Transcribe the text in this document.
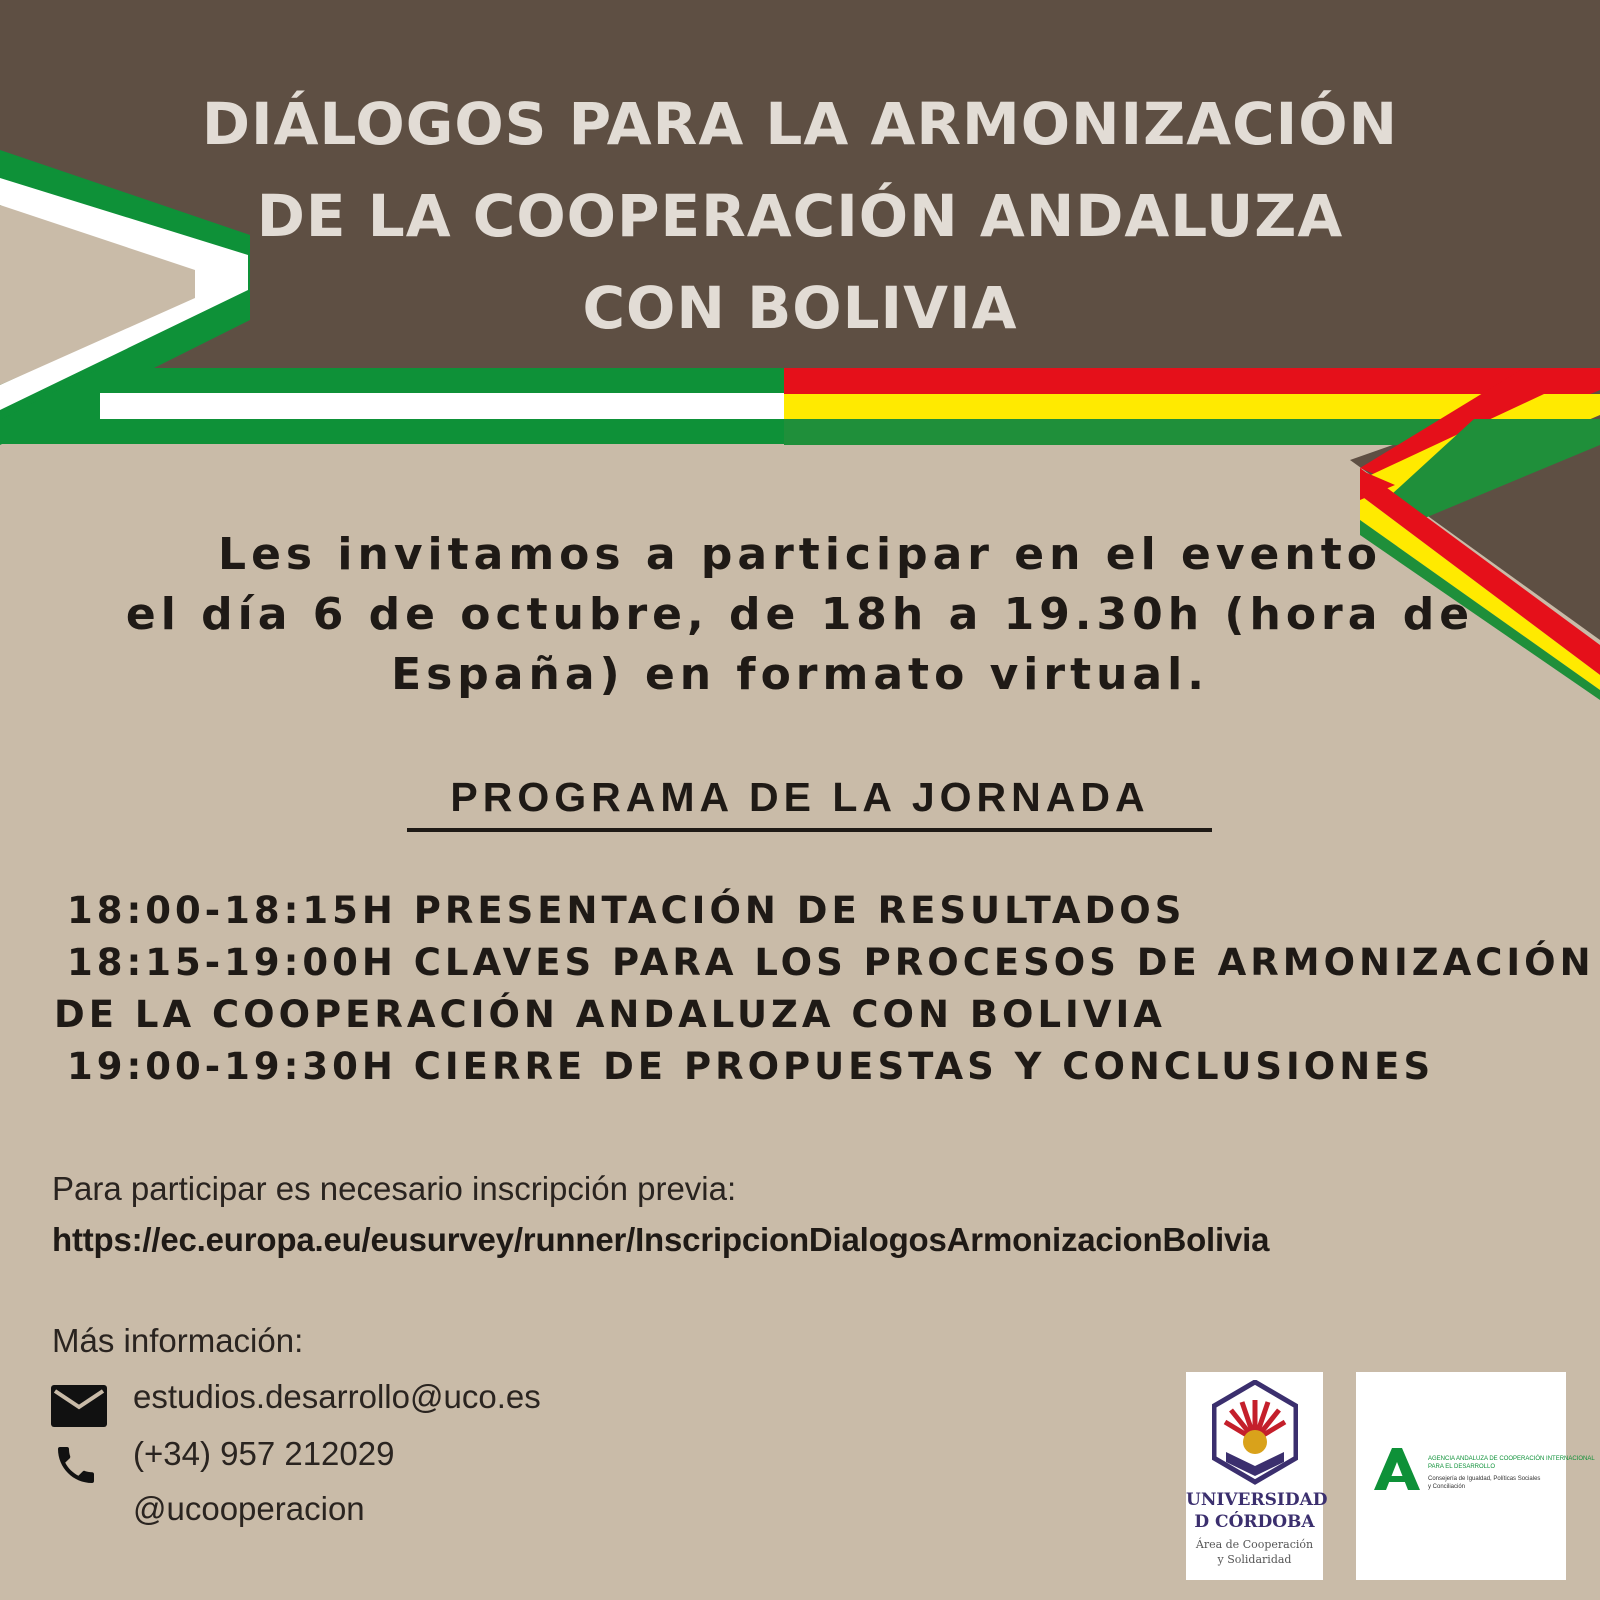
DIÁLOGOS PARA LA ARMONIZACIÓN
DE LA COOPERACIÓN ANDALUZA
CON BOLIVIA
Les invitamos a participar en el evento
el día 6 de octubre, de 18h a 19.30h (hora de
España) en formato virtual.
PROGRAMA DE LA JORNADA
18:00-18:15H PRESENTACIÓN DE RESULTADOS
18:15-19:00H CLAVES PARA LOS PROCESOS DE ARMONIZACIÓN
DE LA COOPERACIÓN ANDALUZA CON BOLIVIA
19:00-19:30H CIERRE DE PROPUESTAS Y CONCLUSIONES
Para participar es necesario inscripción previa:
https://ec.europa.eu/eusurvey/runner/InscripcionDialogosArmonizacionBolivia
Más información:
estudios.desarrollo@uco.es
(+34) 957 212029
@ucooperacion	UNIVERSIDAD
D CÓRDOBA
Área de Cooperación
y Solidaridad
AGENCIA ANDALUZA DE COOPERACIÓN INTERNACIONAL
PARA EL DESARROLLO
Consejería de Igualdad, Políticas Sociales
y Conciliación
